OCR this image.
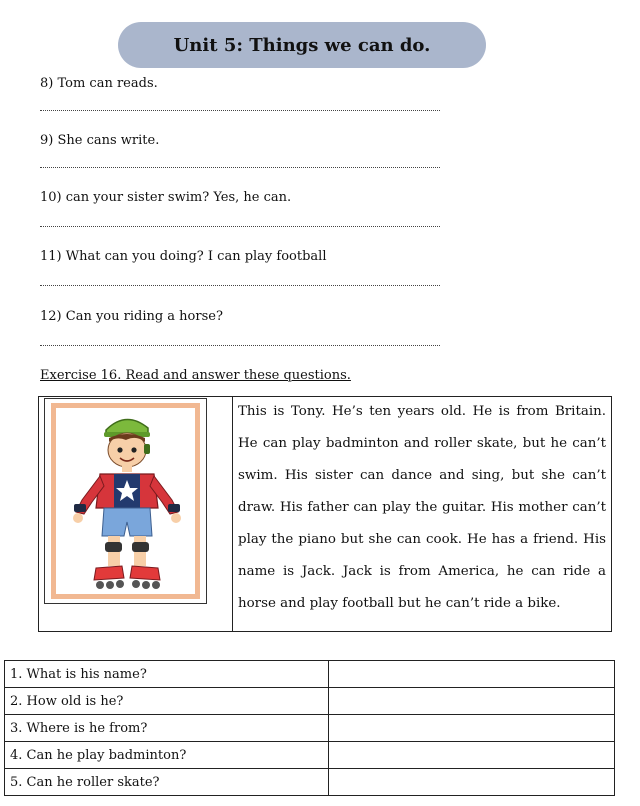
Unit 5: Things we can do.
8) Tom can reads.
9) She cans write.
10) can your sister swim? Yes, he can.
11) What can you doing? I can play football
12) Can you riding a horse?
Exercise 16. Read and answer these questions.
This is Tony. He’s ten years old. He is from Britain. He can play badminton and roller skate, but he can’t swim. His sister can dance and sing, but she can’t draw. His father can play the guitar. His mother can’t play the piano but she can cook. He has a friend. His name is Jack. Jack is from America, he can ride a horse and play football but he can’t ride a bike.
1. What is his name?	
2. How old is he?	
3. Where is he from?	
4. Can he play badminton?	
5. Can he roller skate?	
